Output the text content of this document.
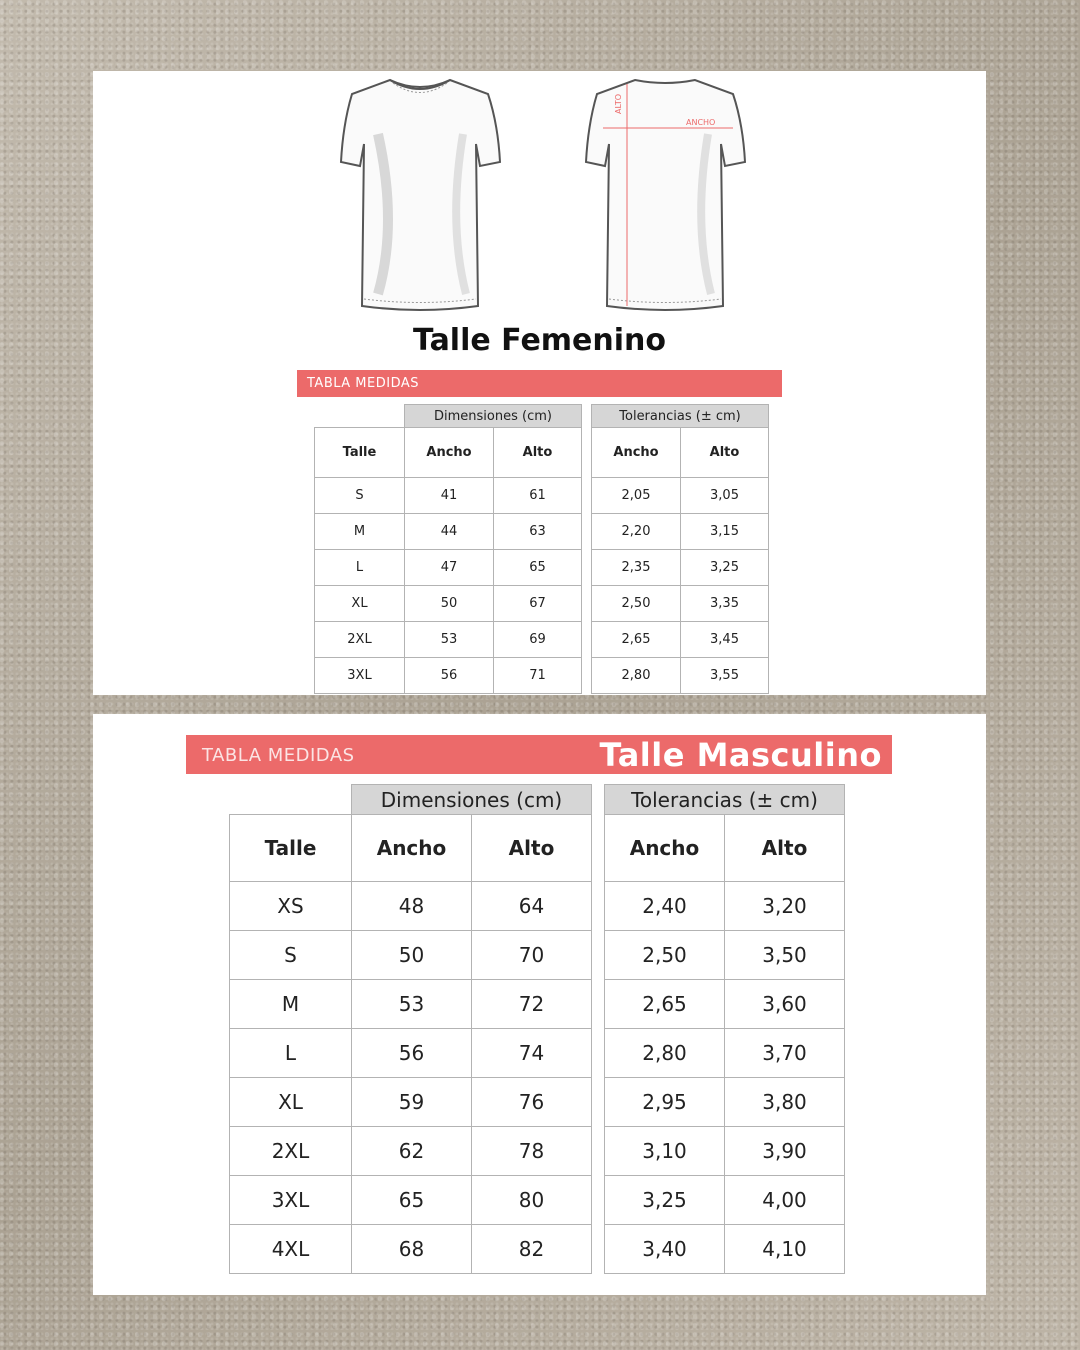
ALTO
ANCHO
Talle Femenino
TABLA MEDIDAS
	Dimensiones (cm)			Tolerancias (± cm)	
Talle	Ancho	Alto		Ancho	Alto
S	41	61		2,05	3,05
M	44	63		2,20	3,15
L	47	65		2,35	3,25
XL	50	67		2,50	3,35
2XL	53	69		2,65	3,45
3XL	56	71		2,80	3,55
TABLA MEDIDAS	Talle Masculino
	Dimensiones (cm)			Tolerancias (± cm)	
Talle	Ancho	Alto		Ancho	Alto
XS	48	64		2,40	3,20
S	50	70		2,50	3,50
M	53	72		2,65	3,60
L	56	74		2,80	3,70
XL	59	76		2,95	3,80
2XL	62	78		3,10	3,90
3XL	65	80		3,25	4,00
4XL	68	82		3,40	4,10
